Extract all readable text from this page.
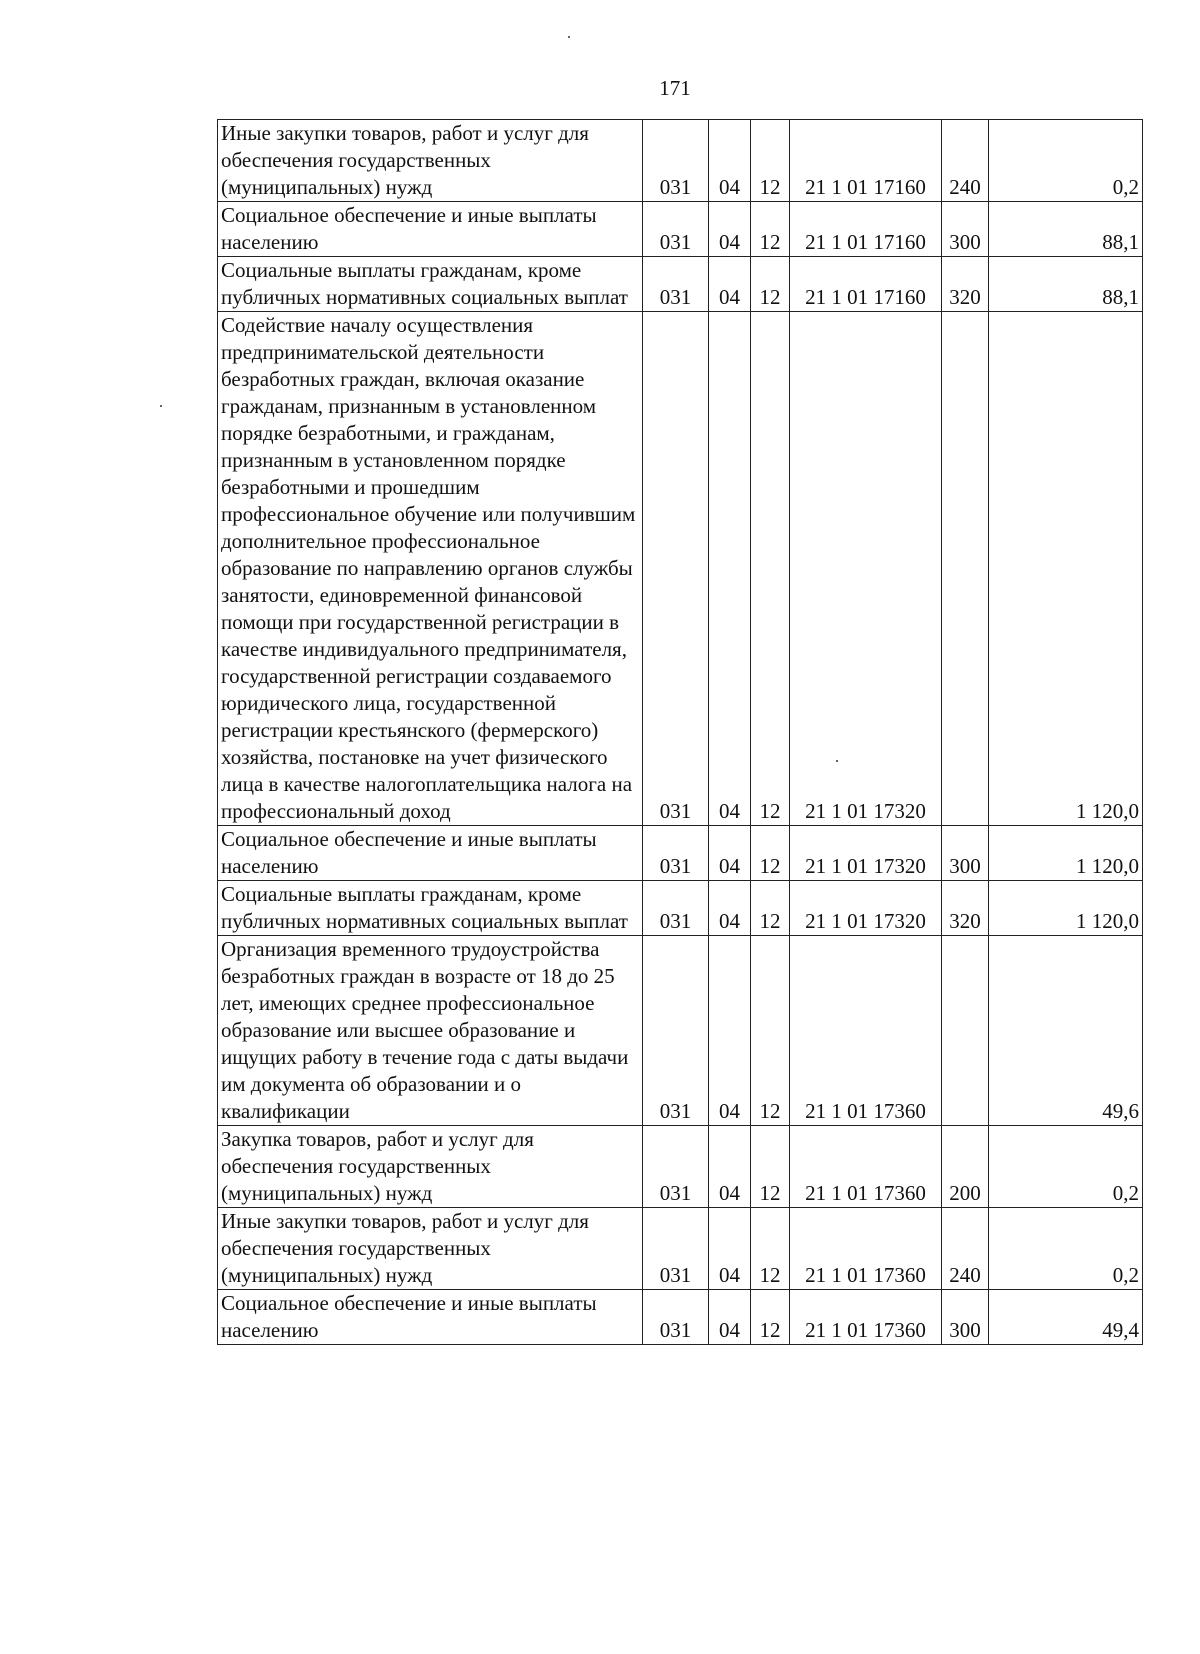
171
Иные закупки товаров, работ и услуг для обеспечения государственных (муниципальных) нужд	031	04	12	21 1 01 17160	240	0,2
Социальное обеспечение и иные выплаты населению	031	04	12	21 1 01 17160	300	88,1
Социальные выплаты гражданам, кроме публичных нормативных социальных выплат	031	04	12	21 1 01 17160	320	88,1
Содействие началу осуществления предпринимательской деятельности безработных граждан, включая оказание гражданам, признанным в установленном порядке безработными, и гражданам, признанным в установленном порядке безработными и прошедшим профессиональное обучение или получившим дополнительное профессиональное образование по направлению органов службы занятости, единовременной финансовой помощи при государственной регистрации в качестве индивидуального предпринимателя, государственной регистрации создаваемого юридического лица, государственной регистрации крестьянского (фермерского) хозяйства, постановке на учет физического лица в качестве налогоплательщика налога на профессиональный доход	031	04	12	21 1 01 17320		1 120,0
Социальное обеспечение и иные выплаты населению	031	04	12	21 1 01 17320	300	1 120,0
Социальные выплаты гражданам, кроме публичных нормативных социальных выплат	031	04	12	21 1 01 17320	320	1 120,0
Организация временного трудоустройства безработных граждан в возрасте от 18 до 25 лет, имеющих среднее профессиональное образование или высшее образование и ищущих работу в течение года с даты выдачи им документа об образовании и о квалификации	031	04	12	21 1 01 17360		49,6
Закупка товаров, работ и услуг для обеспечения государственных (муниципальных) нужд	031	04	12	21 1 01 17360	200	0,2
Иные закупки товаров, работ и услуг для обеспечения государственных (муниципальных) нужд	031	04	12	21 1 01 17360	240	0,2
Социальное обеспечение и иные выплаты населению	031	04	12	21 1 01 17360	300	49,4
